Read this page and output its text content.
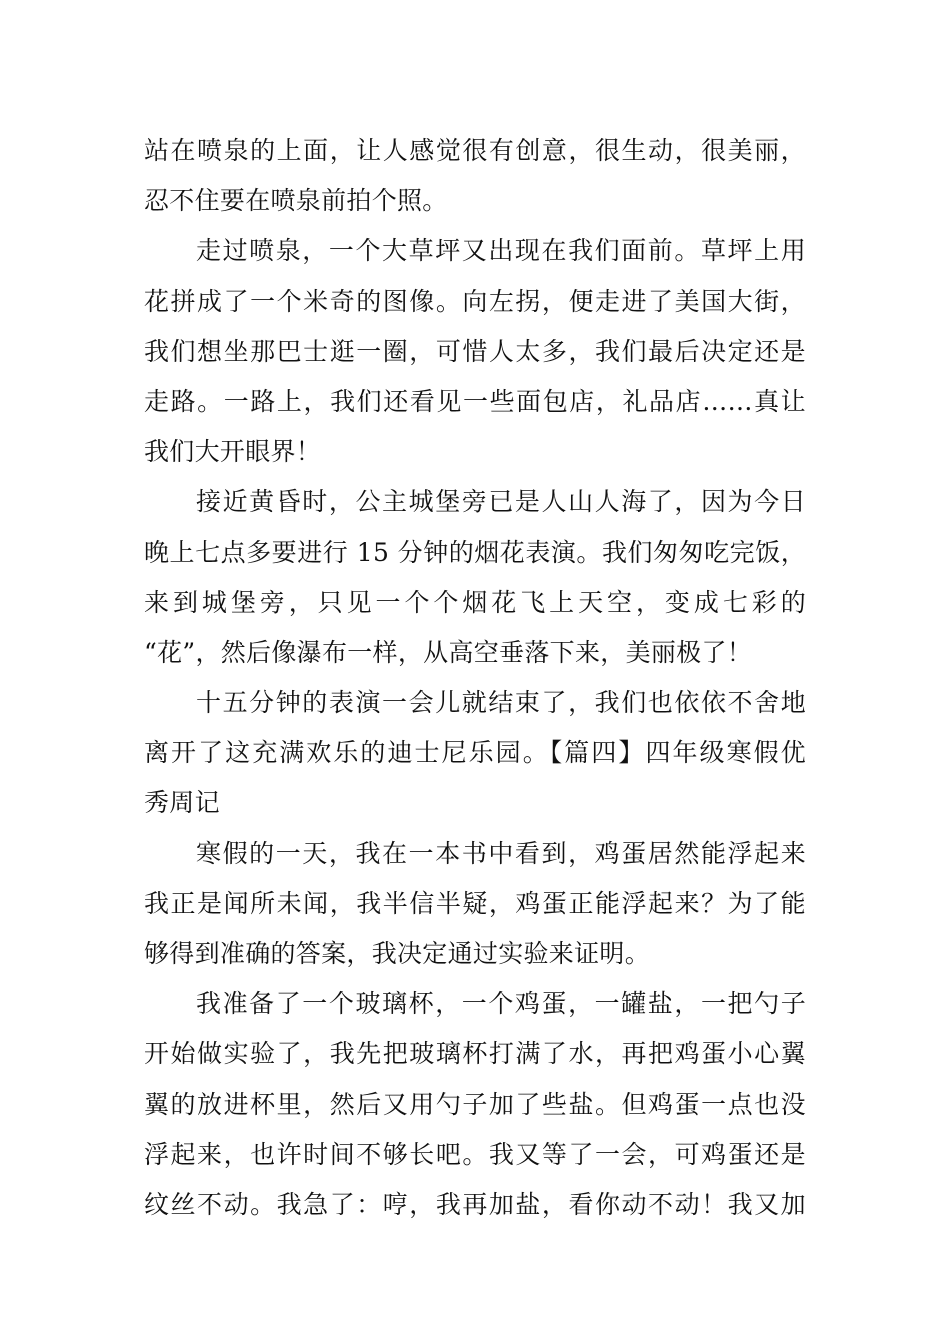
站在喷泉的上面，让人感觉很有创意，很生动，很美丽，
忍不住要在喷泉前拍个照。
走过喷泉，一个大草坪又出现在我们面前。草坪上用
花拼成了一个米奇的图像。向左拐，便走进了美国大街，
我们想坐那巴士逛一圈，可惜人太多，我们最后决定还是
走路。一路上，我们还看见一些面包店，礼品店……真让
我们大开眼界！
接近黄昏时，公主城堡旁已是人山人海了，因为今日
晚上七点多要进行 15 分钟的烟花表演。我们匆匆吃完饭，
来到城堡旁，只见一个个烟花飞上天空，变成七彩的
“花”，然后像瀑布一样，从高空垂落下来，美丽极了！
十五分钟的表演一会儿就结束了，我们也依依不舍地
离开了这充满欢乐的迪士尼乐园。【篇四】四年级寒假优
秀周记
寒假的一天，我在一本书中看到，鸡蛋居然能浮起来
我正是闻所未闻，我半信半疑，鸡蛋正能浮起来？为了能
够得到准确的答案，我决定通过实验来证明。
我准备了一个玻璃杯，一个鸡蛋，一罐盐，一把勺子
开始做实验了，我先把玻璃杯打满了水，再把鸡蛋小心翼
翼的放进杯里，然后又用勺子加了些盐。但鸡蛋一点也没
浮起来，也许时间不够长吧。我又等了一会，可鸡蛋还是
纹丝不动。我急了：哼，我再加盐，看你动不动！我又加
